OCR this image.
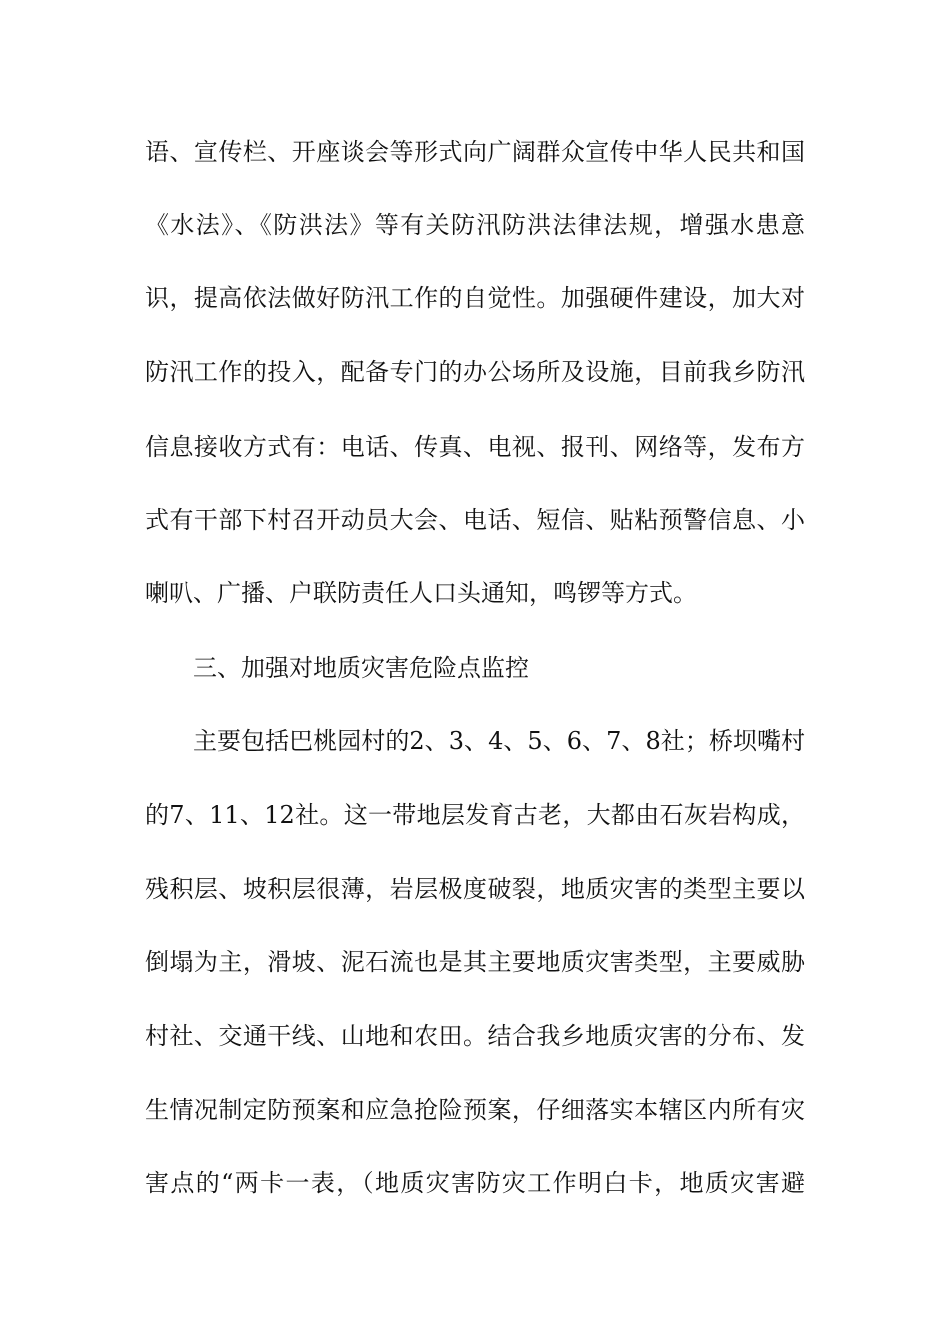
语、宣传栏、开座谈会等形式向广阔群众宣传中华人民共和国
《水法》、《防洪法》等有关防汛防洪法律法规，增强水患意
识，提高依法做好防汛工作的自觉性。加强硬件建设，加大对
防汛工作的投入，配备专门的办公场所及设施，目前我乡防汛
信息接收方式有：电话、传真、电视、报刊、网络等，发布方
式有干部下村召开动员大会、电话、短信、贴粘预警信息、小
喇叭、广播、户联防责任人口头通知，鸣锣等方式。
三、加强对地质灾害危险点监控
主要包括巴桃园村的2、3、4、5、6、7、8社；桥坝嘴村
的7、11、12社。这一带地层发育古老，大都由石灰岩构成，
残积层、坡积层很薄，岩层极度破裂，地质灾害的类型主要以
倒塌为主，滑坡、泥石流也是其主要地质灾害类型，主要威胁
村社、交通干线、山地和农田。结合我乡地质灾害的分布、发
生情况制定防预案和应急抢险预案，仔细落实本辖区内所有灾
害点的“两卡一表，（地质灾害防灾工作明白卡，地质灾害避
